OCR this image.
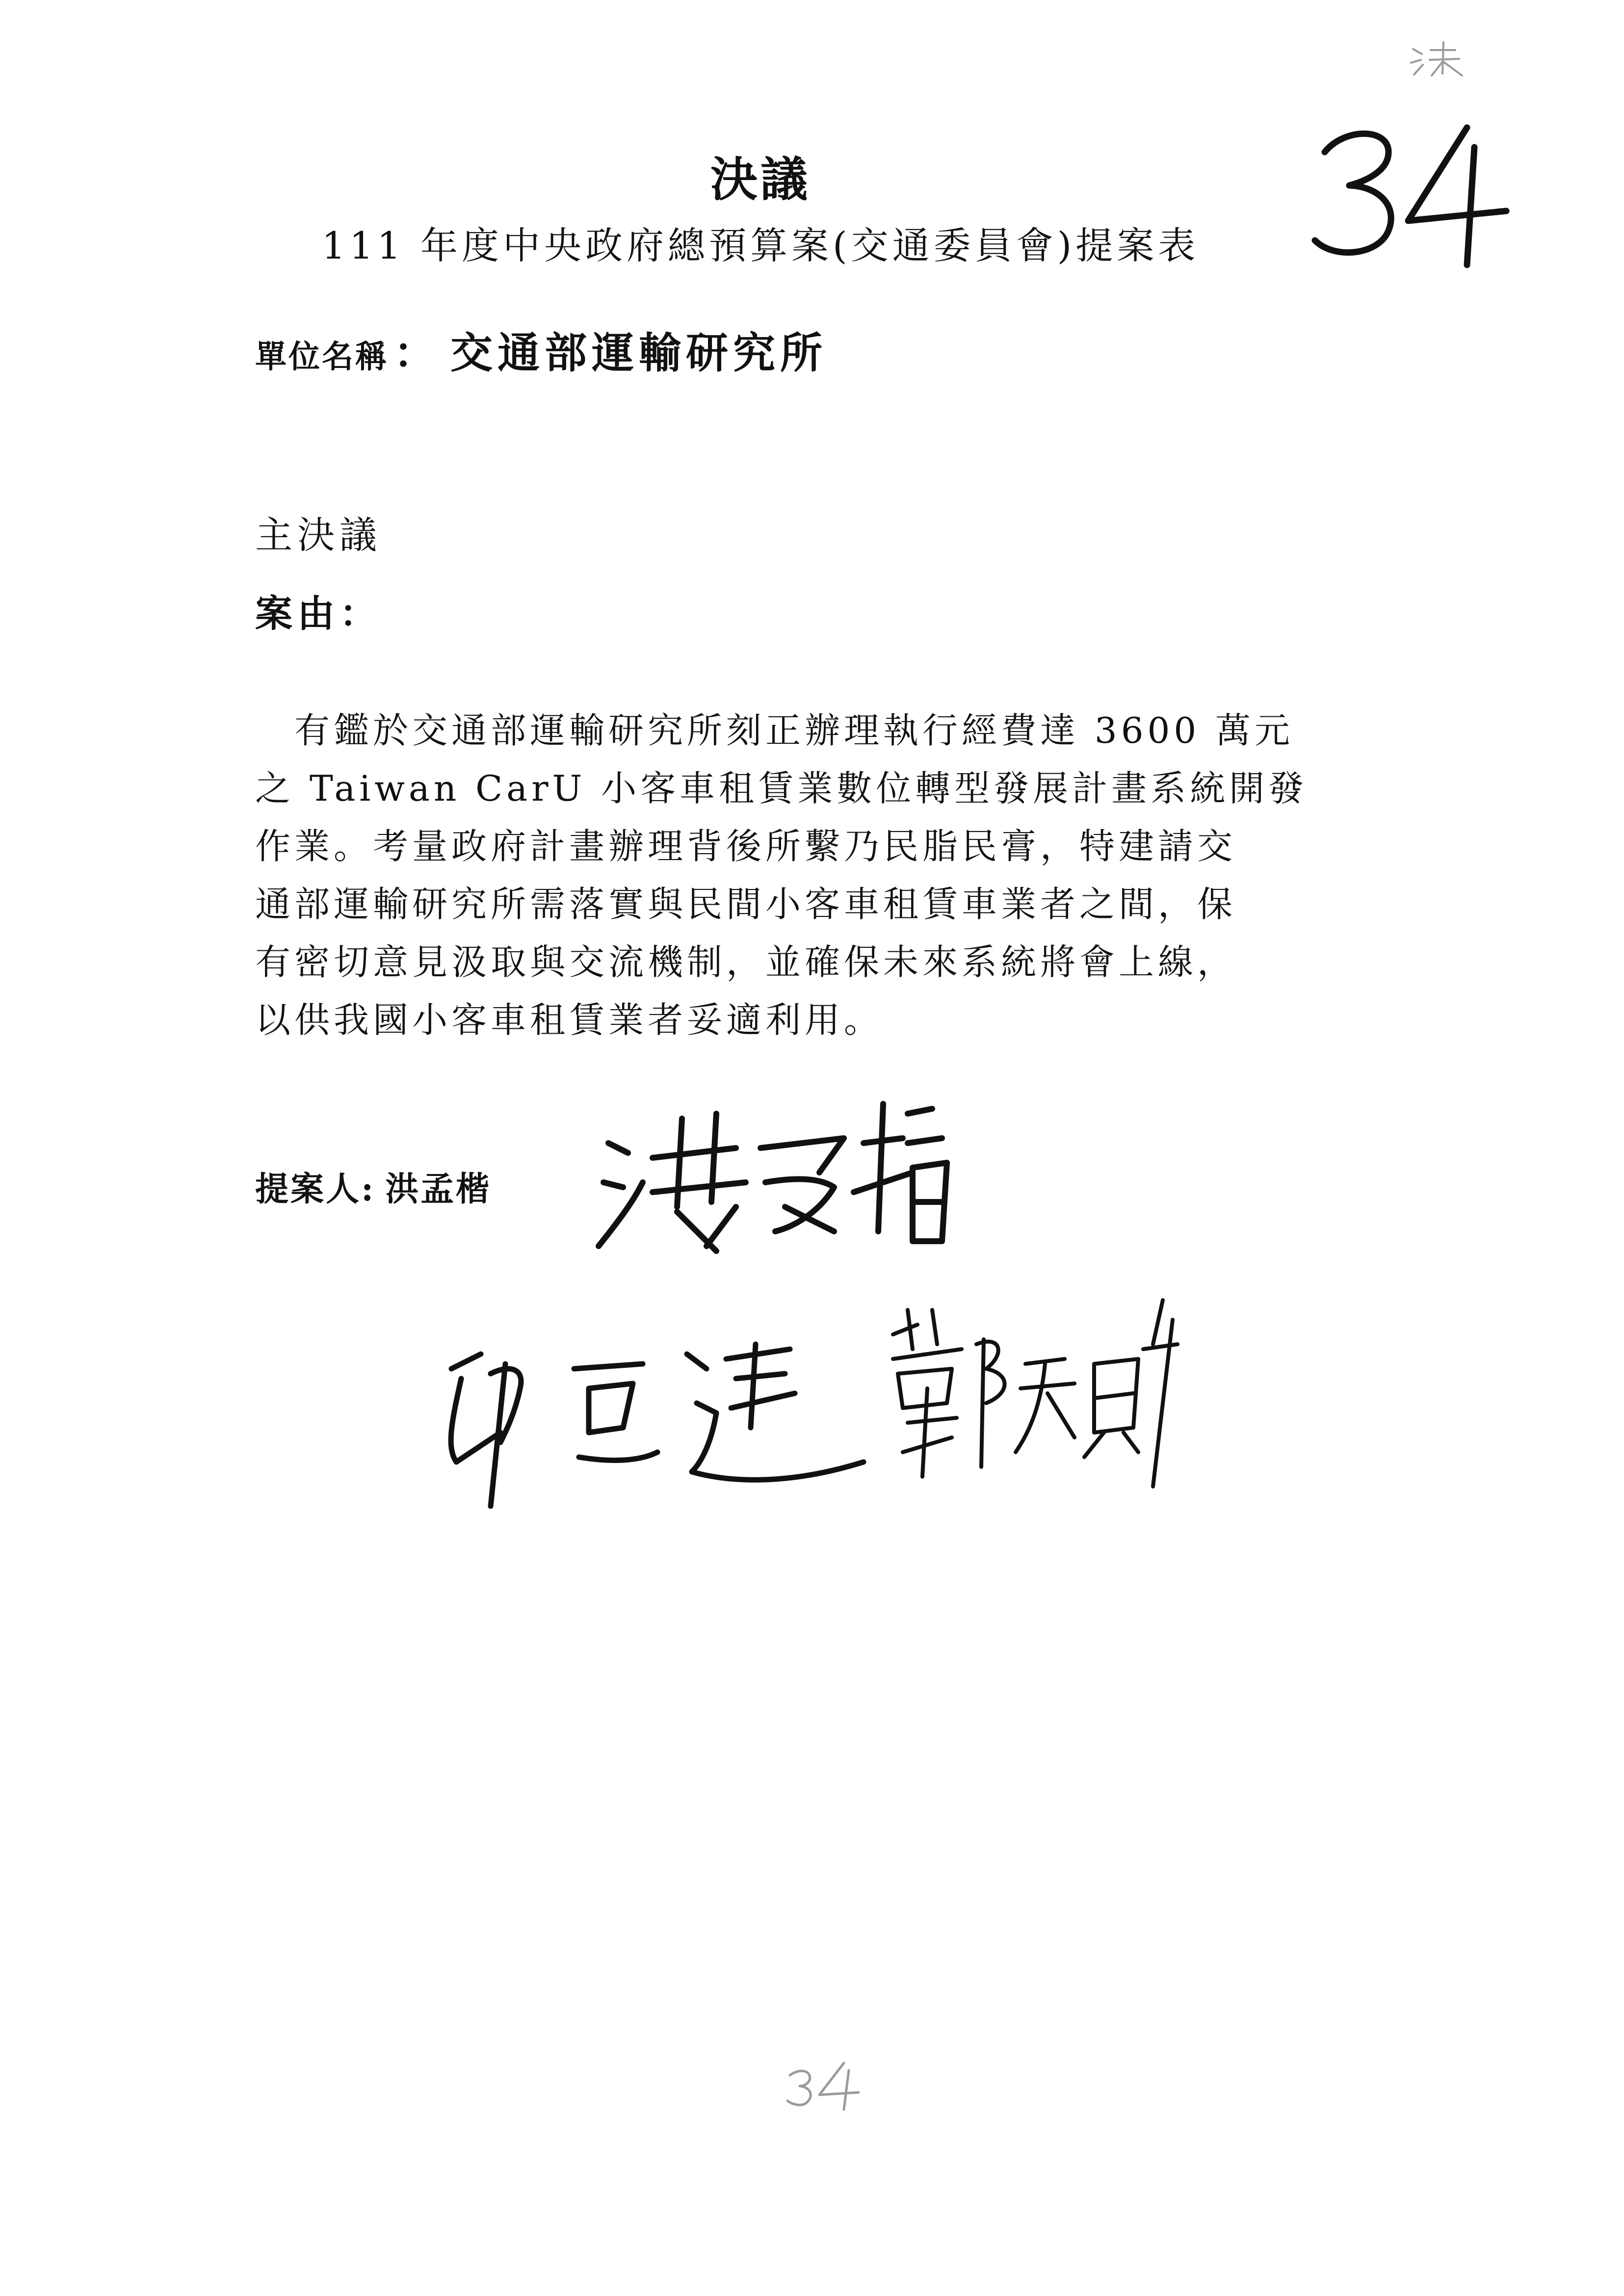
決議
111 年度中央政府總預算案(交通委員會)提案表
單位名稱 ： 交通部運輸研究所
主決議
案由：
　有鑑於交通部運輸研究所刻正辦理執行經費達 3600 萬元
之 Taiwan CarU 小客車租賃業數位轉型發展計畫系統開發
作業。考量政府計畫辦理背後所繫乃民脂民膏，特建請交
通部運輸研究所需落實與民間小客車租賃車業者之間，保
有密切意見汲取與交流機制，並確保未來系統將會上線，
以供我國小客車租賃業者妥適利用。
提案人: 洪孟楷
